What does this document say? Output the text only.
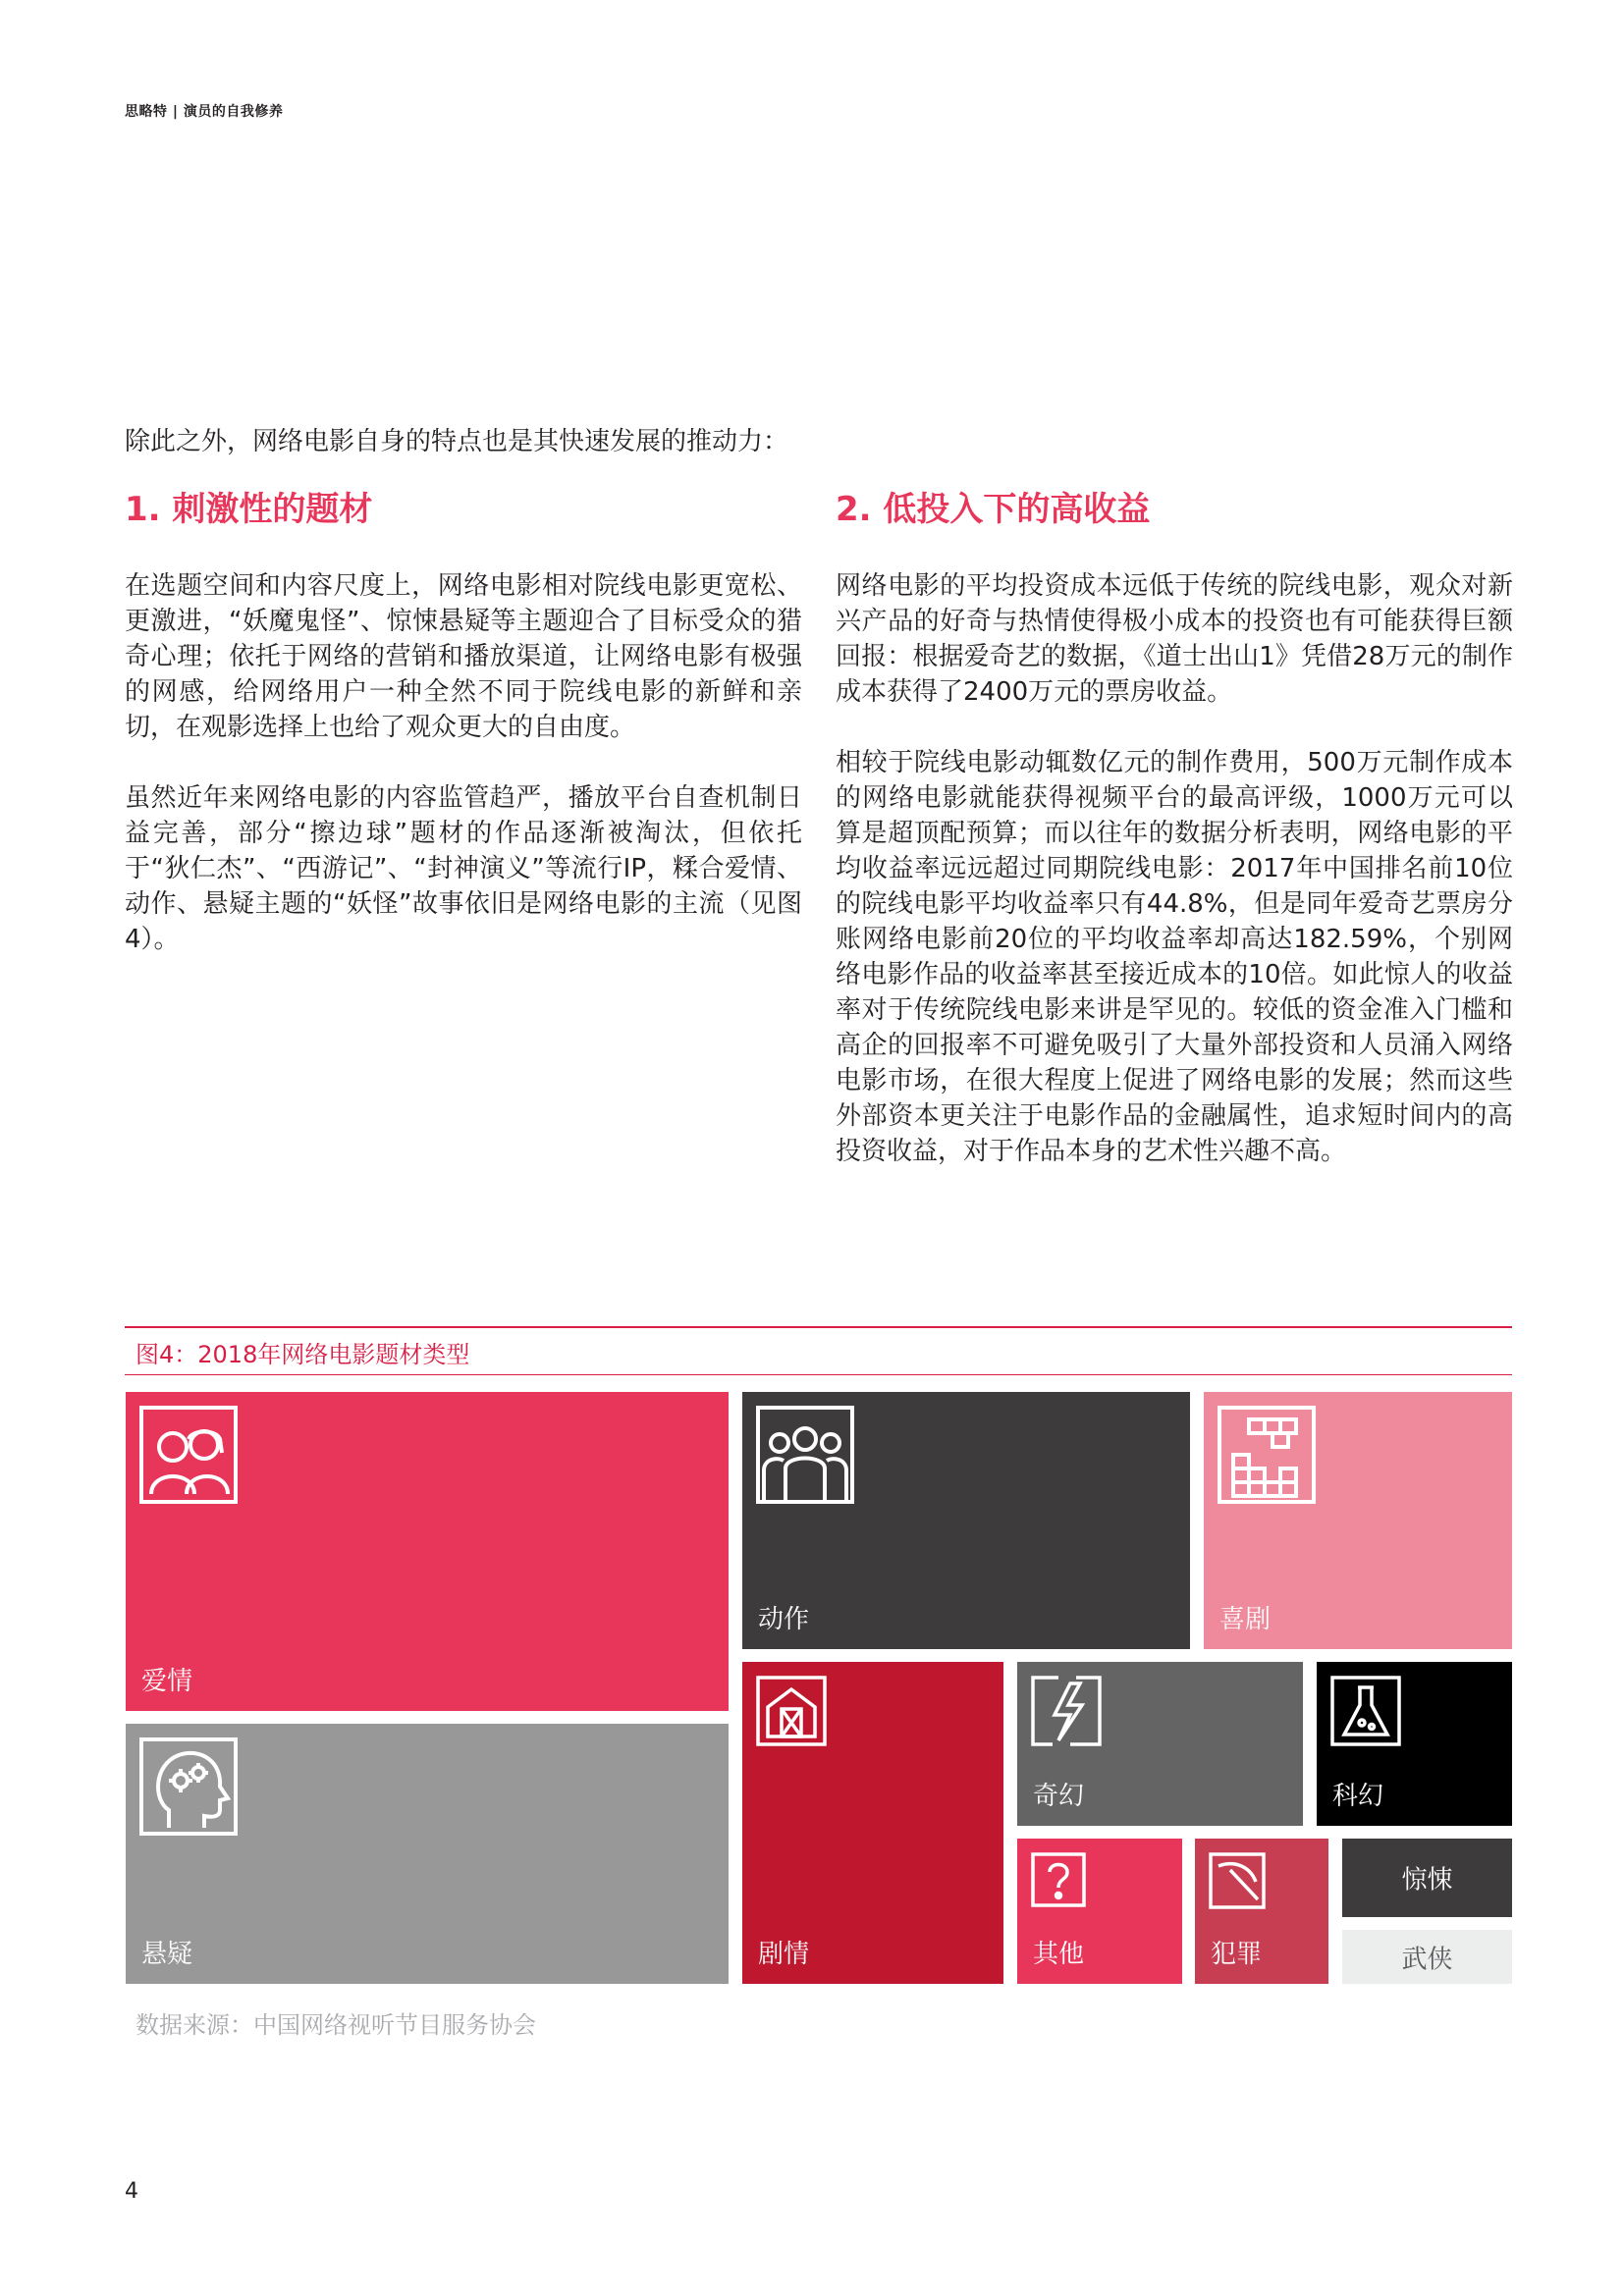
思略特 | 演员的自我修养
除此之外，网络电影自身的特点也是其快速发展的推动力：
1. 刺激性的题材

在选题空间和内容尺度上，网络电影相对院线电影更宽松、更激进，“妖魔鬼怪”、惊悚悬疑等主题迎合了目标受众的猎奇心理；依托于网络的营销和播放渠道，让网络电影有极强的网感，给网络用户一种全然不同于院线电影的新鲜和亲切，在观影选择上也给了观众更大的自由度。

虽然近年来网络电影的内容监管趋严，播放平台自查机制日益完善，部分“擦边球”题材的作品逐渐被淘汰，但依托于“狄仁杰”、“西游记”、“封神演义”等流行IP，糅合爱情、动作、悬疑主题的“妖怪”故事依旧是网络电影的主流（见图4）。

2. 低投入下的高收益

网络电影的平均投资成本远低于传统的院线电影，观众对新兴产品的好奇与热情使得极小成本的投资也有可能获得巨额回报：根据爱奇艺的数据，《道士出山1》凭借28万元的制作成本获得了2400万元的票房收益。

相较于院线电影动辄数亿元的制作费用，500万元制作成本的网络电影就能获得视频平台的最高评级，1000万元可以算是超顶配预算；而以往年的数据分析表明，网络电影的平均收益率远远超过同期院线电影：2017年中国排名前10位的院线电影平均收益率只有44.8%，但是同年爱奇艺票房分账网络电影前20位的平均收益率却高达182.59%，个别网络电影作品的收益率甚至接近成本的10倍。如此惊人的收益率对于传统院线电影来讲是罕见的。较低的资金准入门槛和高企的回报率不可避免吸引了大量外部投资和人员涌入网络电影市场，在很大程度上促进了网络电影的发展；然而这些外部资本更关注于电影作品的金融属性，追求短时间内的高投资收益，对于作品本身的艺术性兴趣不高。

图4：2018年网络电影题材类型
爱情
动作	喜剧
悬疑	剧情
奇幻	科幻
其他	犯罪
惊悚
武侠
数据来源：中国网络视听节目服务协会
4
